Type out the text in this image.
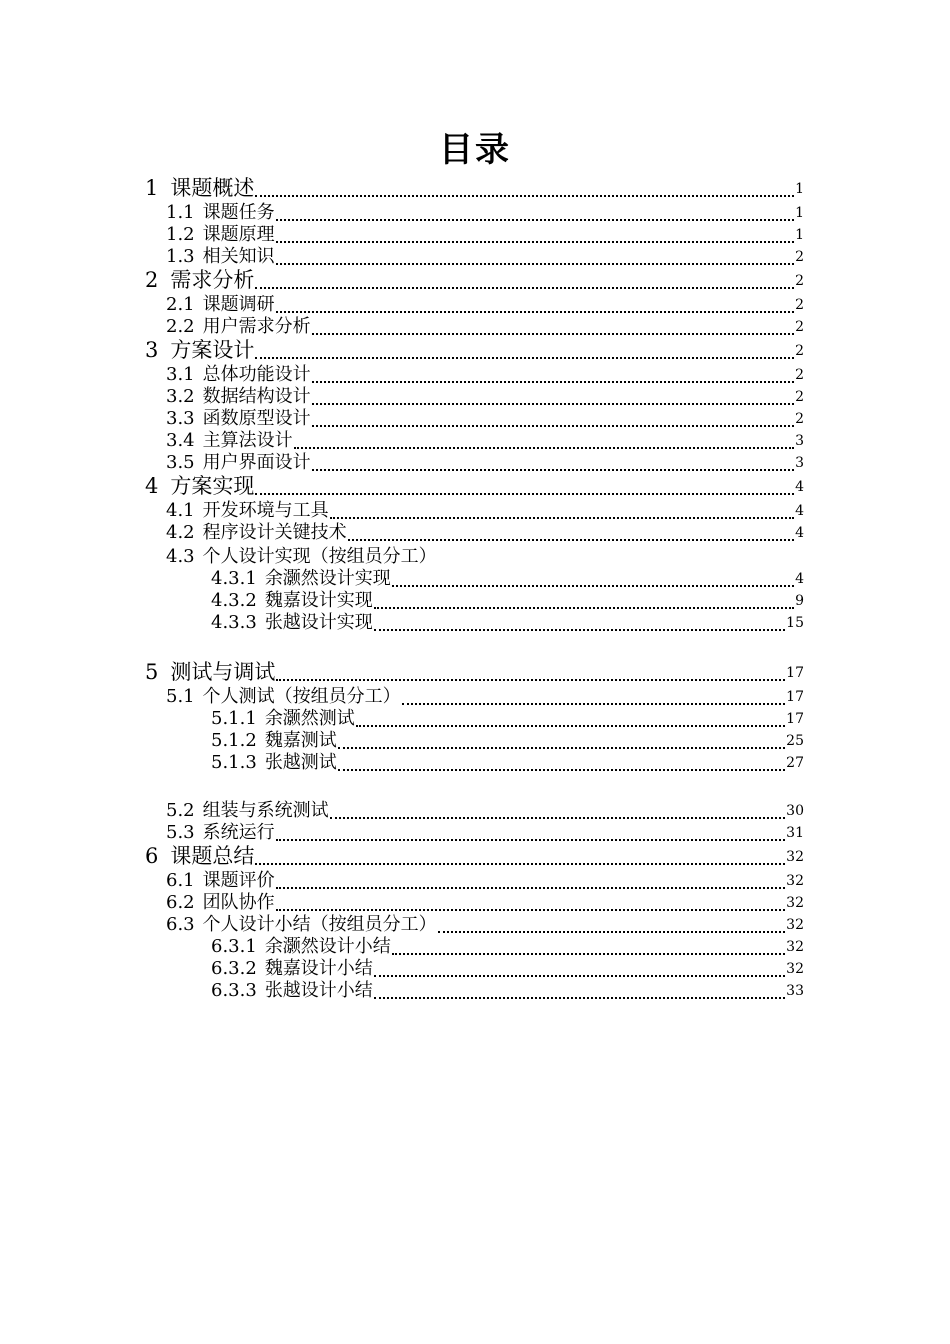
目录
1 课题概述	1
1.1 课题任务	1
1.2 课题原理	1
1.3 相关知识	2
2 需求分析	2
2.1 课题调研	2
2.2 用户需求分析	2
3 方案设计	2
3.1 总体功能设计	2
3.2 数据结构设计	2
3.3 函数原型设计	2
3.4 主算法设计	3
3.5 用户界面设计	3
4 方案实现	4
4.1 开发环境与工具	4
4.2 程序设计关键技术	4
4.3 个人设计实现（按组员分工）
4.3.1 余灏然设计实现	4
4.3.2 魏嘉设计实现	9
4.3.3 张越设计实现	15
5 测试与调试	17
5.1 个人测试（按组员分工）	17
5.1.1 余灏然测试	17
5.1.2 魏嘉测试	25
5.1.3 张越测试	27
5.2 组装与系统测试	30
5.3 系统运行	31
6 课题总结	32
6.1 课题评价	32
6.2 团队协作	32
6.3 个人设计小结（按组员分工）	32
6.3.1 余灏然设计小结	32
6.3.2 魏嘉设计小结	32
6.3.3 张越设计小结	33
